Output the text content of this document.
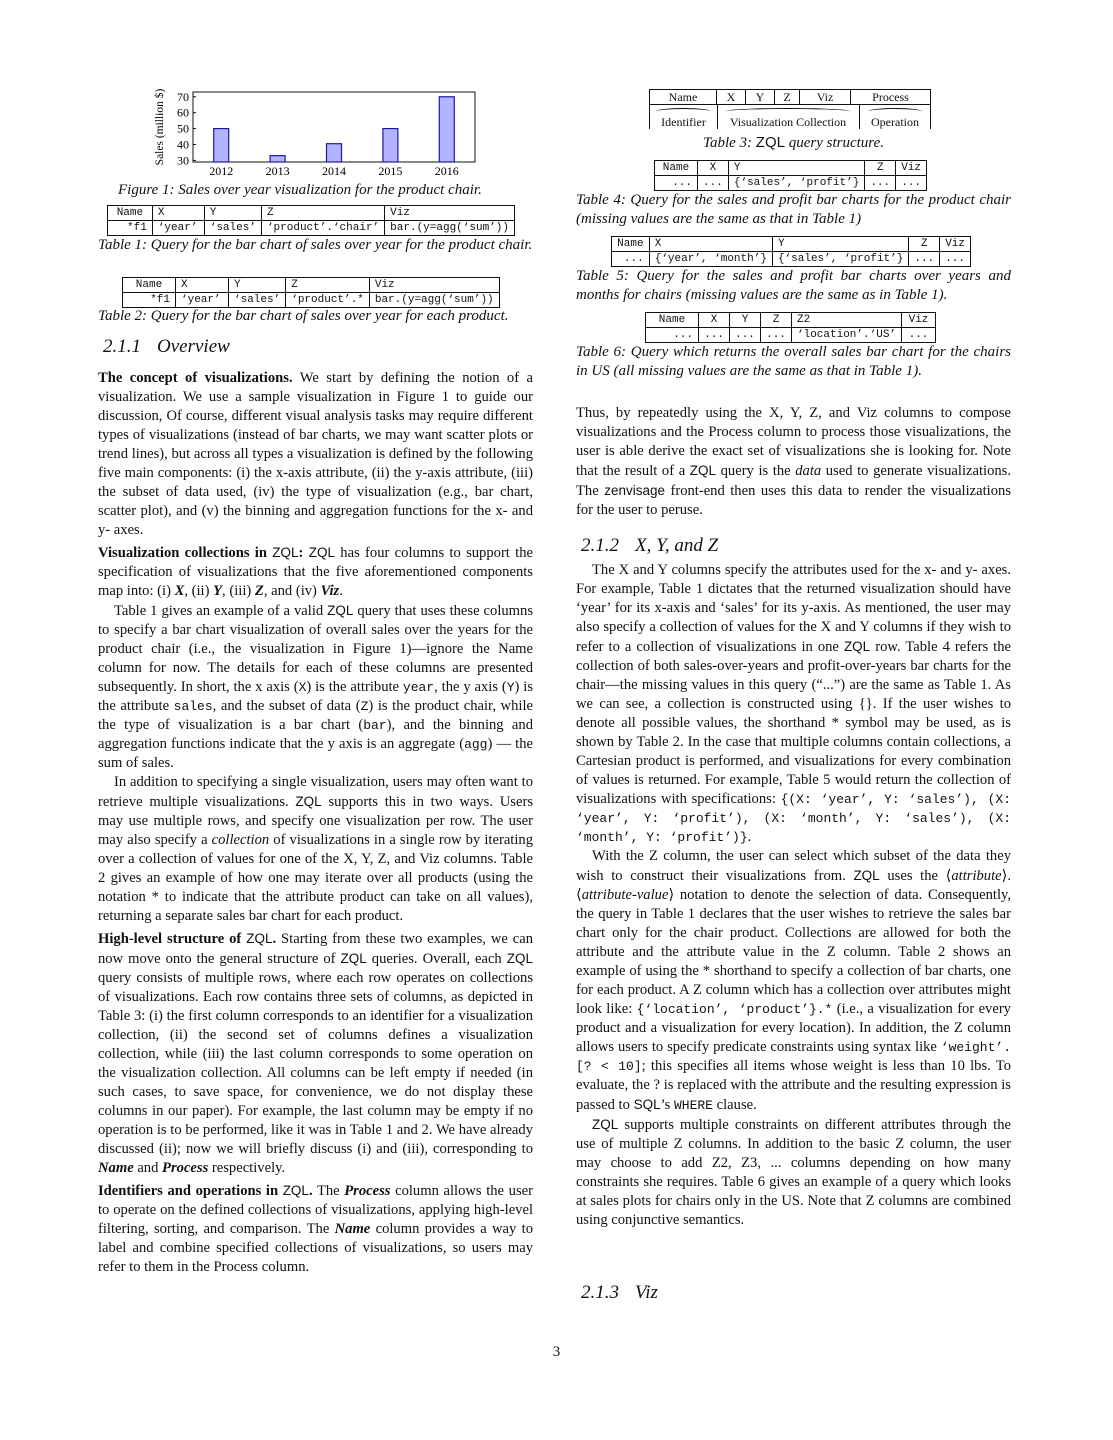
2012	2013	2014	2015	2016
30
40
50
60
70
Sales (million $)
Figure 1: Sales over year visualization for the product chair.
Name	X	Y	Z	Viz
*f1	‘year’	‘sales’	‘product’.‘chair’	bar.(y=agg(‘sum’))
Table 1: Query for the bar chart of sales over year for the product chair.
Name	X	Y	Z	Viz
*f1	‘year’	‘sales’	‘product’.*	bar.(y=agg(‘sum’))
Table 2: Query for the bar chart of sales over year for each product.
2.1.1 Overview

The concept of visualizations. We start by defining the notion of a visualization. We use a sample visualization in Figure 1 to guide our discussion, Of course, different visual analysis tasks may require different types of visualizations (instead of bar charts, we may want scatter plots or trend lines), but across all types a visualization is defined by the following five main components: (i) the x-axis attribute, (ii) the y-axis attribute, (iii) the subset of data used, (iv) the type of visualization (e.g., bar chart, scatter plot), and (v) the binning and aggregation functions for the x- and y- axes.

Visualization collections in ZQL: ZQL has four columns to support the specification of visualizations that the five aforementioned components map into: (i) X, (ii) Y, (iii) Z, and (iv) Viz.

Table 1 gives an example of a valid ZQL query that uses these columns to specify a bar chart visualization of overall sales over the years for the product chair (i.e., the visualization in Figure 1)—ignore the Name column for now. The details for each of these columns are presented subsequently. In short, the x axis (X) is the attribute year, the y axis (Y) is the attribute sales, and the subset of data (Z) is the product chair, while the type of visualization is a bar chart (bar), and the binning and aggregation functions indicate that the y axis is an aggregate (agg) — the sum of sales.

In addition to specifying a single visualization, users may often want to retrieve multiple visualizations. ZQL supports this in two ways. Users may use multiple rows, and specify one visualization per row. The user may also specify a collection of visualizations in a single row by iterating over a collection of values for one of the X, Y, Z, and Viz columns. Table 2 gives an example of how one may iterate over all products (using the notation * to indicate that the attribute product can take on all values), returning a separate sales bar chart for each product.

High-level structure of ZQL. Starting from these two examples, we can now move onto the general structure of ZQL queries. Overall, each ZQL query consists of multiple rows, where each row operates on collections of visualizations. Each row contains three sets of columns, as depicted in Table 3: (i) the first column corresponds to an identifier for a visualization collection, (ii) the second set of columns defines a visualization collection, while (iii) the last column corresponds to some operation on the visualization collection. All columns can be left empty if needed (in such cases, to save space, for convenience, we do not display these columns in our paper). For example, the last column may be empty if no operation is to be performed, like it was in Table 1 and 2. We have already discussed (ii); now we will briefly discuss (i) and (iii), corresponding to Name and Process respectively.

Identifiers and operations in ZQL. The Process column allows the user to operate on the defined collections of visualizations, applying high-level filtering, sorting, and comparison. The Name column provides a way to label and combine specified collections of visualizations, so users may refer to them in the Process column.

Name	X	Y	Z	Viz	Process
Identifier	Visualization Collection	Operation
Table 3: ZQL query structure.
Name	X	Y	Z	Viz
...	...	{‘sales’, ‘profit’}	...	...
Table 4: Query for the sales and profit bar charts for the product chair (missing values are the same as that in Table 1)
Name	X	Y	Z	Viz
...	{‘year’, ‘month’}	{‘sales’, ‘profit’}	...	...
Table 5: Query for the sales and profit bar charts over years and months for chairs (missing values are the same as in Table 1).
Name	X	Y	Z	Z2	Viz
...	...	...	...	‘location’.‘US’	...
Table 6: Query which returns the overall sales bar chart for the chairs in US (all missing values are the same as that in Table 1).

Thus, by repeatedly using the X, Y, Z, and Viz columns to compose visualizations and the Process column to process those visualizations, the user is able derive the exact set of visualizations she is looking for. Note that the result of a ZQL query is the data used to generate visualizations. The zenvisage front-end then uses this data to render the visualizations for the user to peruse.

2.1.2 X, Y, and Z

The X and Y columns specify the attributes used for the x- and y- axes. For example, Table 1 dictates that the returned visualization should have ‘year’ for its x-axis and ‘sales’ for its y-axis. As mentioned, the user may also specify a collection of values for the X and Y columns if they wish to refer to a collection of visualizations in one ZQL row. Table 4 refers the collection of both sales-over-years and profit-over-years bar charts for the chair—the missing values in this query (“...”) are the same as Table 1. As we can see, a collection is constructed using {}. If the user wishes to denote all possible values, the shorthand * symbol may be used, as is shown by Table 2. In the case that multiple columns contain collections, a Cartesian product is performed, and visualizations for every combination of values is returned. For example, Table 5 would return the collection of visualizations with specifications: {(X: ‘year’, Y: ‘sales’), (X: ‘year’, Y: ‘profit’), (X: ‘month’, Y: ‘sales’), (X: ‘month’, Y: ‘profit’)}.

With the Z column, the user can select which subset of the data they wish to construct their visualizations from. ZQL uses the ⟨attribute⟩.⟨attribute-value⟩ notation to denote the selection of data. Consequently, the query in Table 1 declares that the user wishes to retrieve the sales bar chart only for the chair product. Collections are allowed for both the attribute and the attribute value in the Z column. Table 2 shows an example of using the * shorthand to specify a collection of bar charts, one for each product. A Z column which has a collection over attributes might look like: {‘location’, ‘product’}.* (i.e., a visualization for every product and a visualization for every location). In addition, the Z column allows users to specify predicate constraints using syntax like ‘weight’.[? < 10]; this specifies all items whose weight is less than 10 lbs. To evaluate, the ? is replaced with the attribute and the resulting expression is passed to SQL’s WHERE clause.

ZQL supports multiple constraints on different attributes through the use of multiple Z columns. In addition to the basic Z column, the user may choose to add Z2, Z3, ... columns depending on how many constraints she requires. Table 6 gives an example of a query which looks at sales plots for chairs only in the US. Note that Z columns are combined using conjunctive semantics.

2.1.3 Viz
3
